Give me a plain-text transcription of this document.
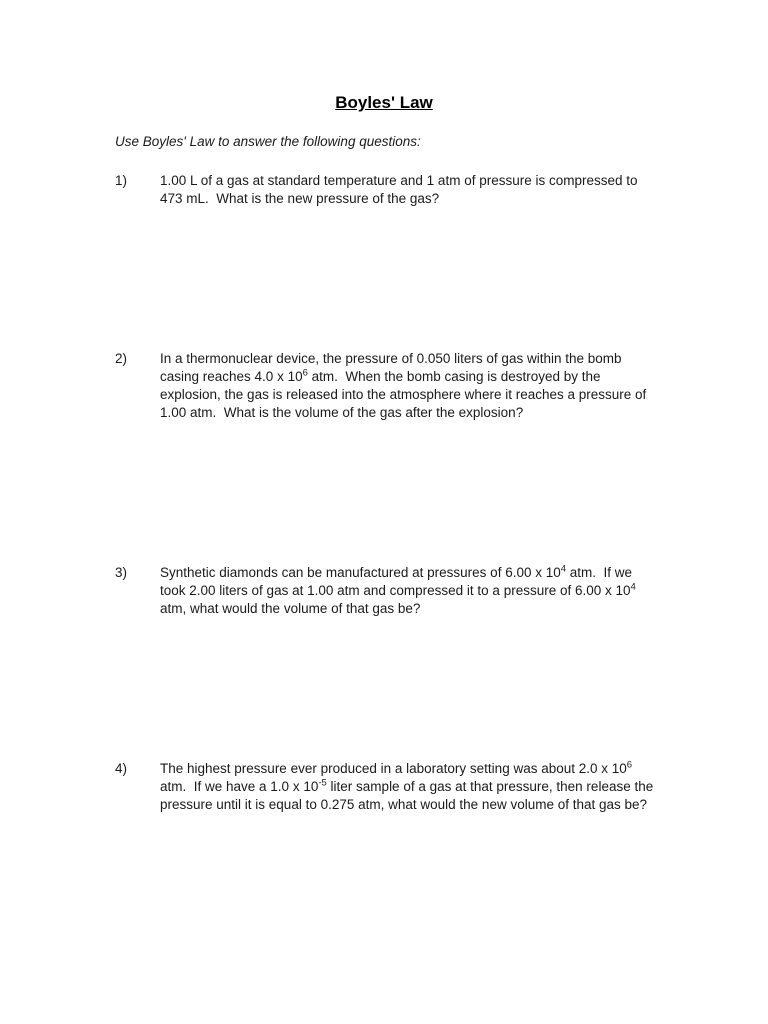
Boyles' Law

Use Boyles' Law to answer the following questions:

1)	1.00 L of a gas at standard temperature and 1 atm of pressure is compressed to 473 mL.  What is the new pressure of the gas?
2)	In a thermonuclear device, the pressure of 0.050 liters of gas within the bomb casing reaches 4.0 x $10^6$ atm.  When the bomb casing is destroyed by the explosion, the gas is released into the atmosphere where it reaches a pressure of 1.00 atm.  What is the volume of the gas after the explosion?
3)	Synthetic diamonds can be manufactured at pressures of 6.00 x $10^4$ atm.  If we took 2.00 liters of gas at 1.00 atm and compressed it to a pressure of 6.00 x $10^4$ atm, what would the volume of that gas be?
4)	The highest pressure ever produced in a laboratory setting was about 2.0 x $10^6$ atm.  If we have a 1.0 x $10^{-5}$ liter sample of a gas at that pressure, then release the pressure until it is equal to 0.275 atm, what would the new volume of that gas be?
